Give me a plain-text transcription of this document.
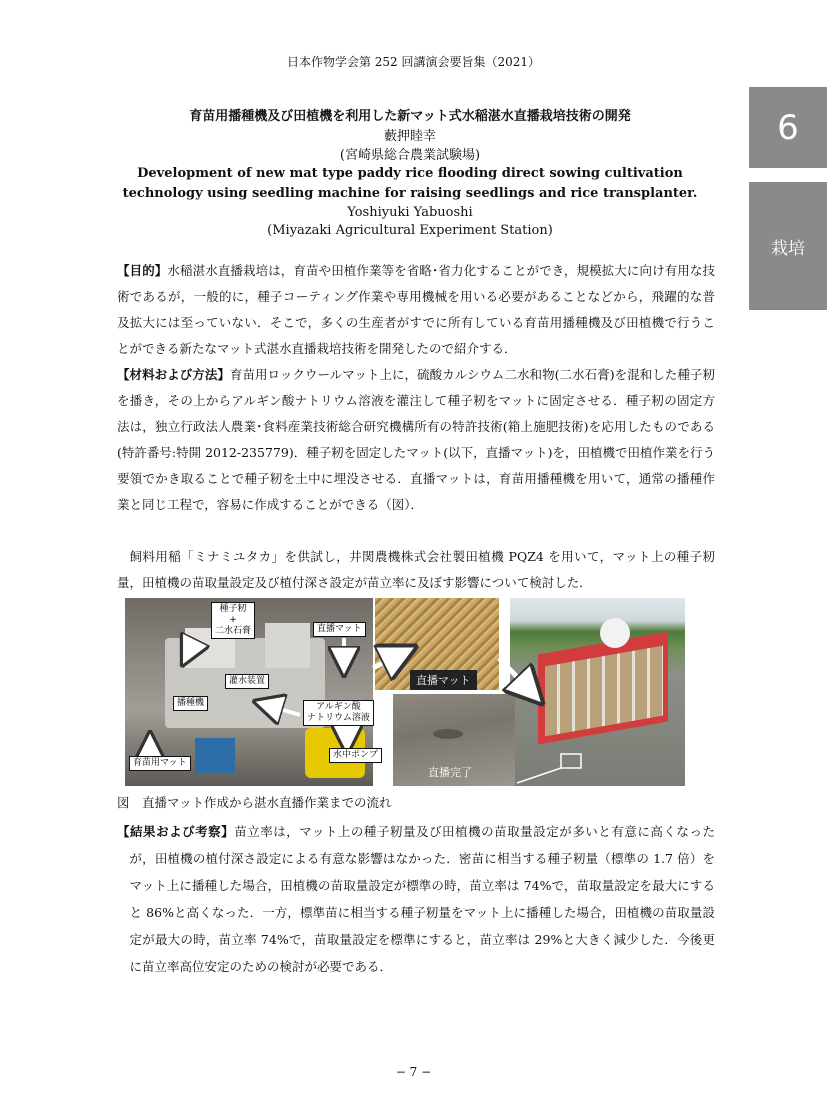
日本作物学会第 252 回講演会要旨集（2021）
6
栽培
育苗用播種機及び田植機を利用した新マット式水稲湛水直播栽培技術の開発
藪押睦幸
(宮崎県総合農業試験場)
Development of new mat type paddy rice flooding direct sowing cultivation technology using seedling machine for raising seedlings and rice transplanter.
Yoshiyuki Yabuoshi
(Miyazaki Agricultural Experiment Station)

【目的】水稲湛水直播栽培は，育苗や田植作業等を省略･省力化することができ，規模拡大に向け有用な技術であるが，一般的に，種子コーティング作業や専用機械を用いる必要があることなどから，飛躍的な普及拡大には至っていない．そこで，多くの生産者がすでに所有している育苗用播種機及び田植機で行うことができる新たなマット式湛水直播栽培技術を開発したので紹介する．

【材料および方法】育苗用ロックウールマット上に，硫酸カルシウム二水和物(二水石膏)を混和した種子籾を播き，その上からアルギン酸ナトリウム溶液を灌注して種子籾をマットに固定させる．種子籾の固定方法は，独立行政法人農業･食料産業技術総合研究機構所有の特許技術(箱上施肥技術)を応用したものである(特許番号:特開 2012-235779)．種子籾を固定したマット(以下，直播マット)を，田植機で田植作業を行う要領でかき取ることで種子籾を土中に埋没させる．直播マットは，育苗用播種機を用いて，通常の播種作業と同じ工程で，容易に作成することができる（図）．

飼料用稲「ミナミユタカ」を供試し，井関農機株式会社製田植機 PQZ4 を用いて，マット上の種子籾量，田植機の苗取量設定及び植付深さ設定が苗立率に及ぼす影響について検討した．

種子籾
+
二水石膏	直播マット
灌水装置
播種機	アルギン酸
ナトリウム溶液
育苗用マット
水中ポンプ
直播マット
直播完了
図　直播マット作成から湛水直播作業までの流れ

【結果および考察】苗立率は，マット上の種子籾量及び田植機の苗取量設定が多いと有意に高くなったが，田植機の植付深さ設定による有意な影響はなかった．密苗に相当する種子籾量（標準の 1.7 倍）をマット上に播種した場合，田植機の苗取量設定が標準の時，苗立率は 74%で，苗取量設定を最大にすると 86%と高くなった．一方，標準苗に相当する種子籾量をマット上に播種した場合，田植機の苗取量設定が最大の時，苗立率 74%で，苗取量設定を標準にすると，苗立率は 29%と大きく減少した．今後更に苗立率高位安定のための検討が必要である．

− 7 −
